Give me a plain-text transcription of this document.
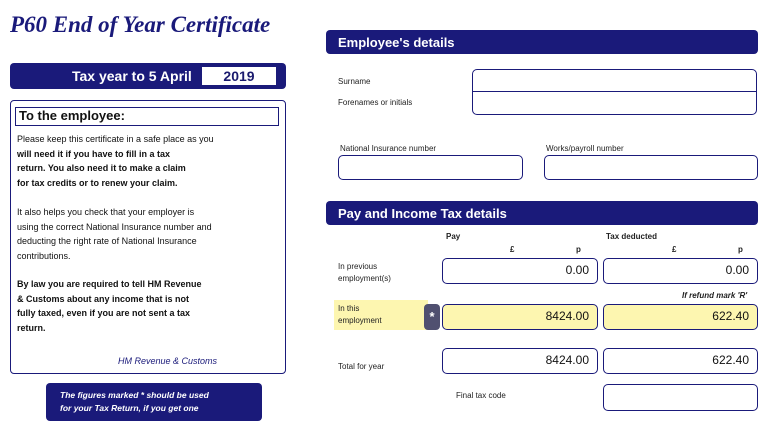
P60 End of Year Certificate
Tax year to 5 April	2019
To the employee:
Please keep this certificate in a safe place as you
will need it if you have to fill in a tax
return. You also need it to make a claim
for tax credits or to renew your claim.
It also helps you check that your employer is
using the correct National Insurance number and
deducting the right rate of National Insurance
contributions.
By law you are required to tell HM Revenue
& Customs about any income that is not
fully taxed, even if you are not sent a tax
return.
HM Revenue & Customs
The figures marked * should be used
for your Tax Return, if you get one
Employee's details
Surname
Forenames or initials
National Insurance number	Works/payroll number
Pay and Income Tax details
Pay	Tax deducted
£	p	£	p
In previous
employment(s)
0.00	0.00
If refund mark 'R'
In this
employment	*	8424.00	622.40
Total for year	8424.00	622.40
Final tax code
